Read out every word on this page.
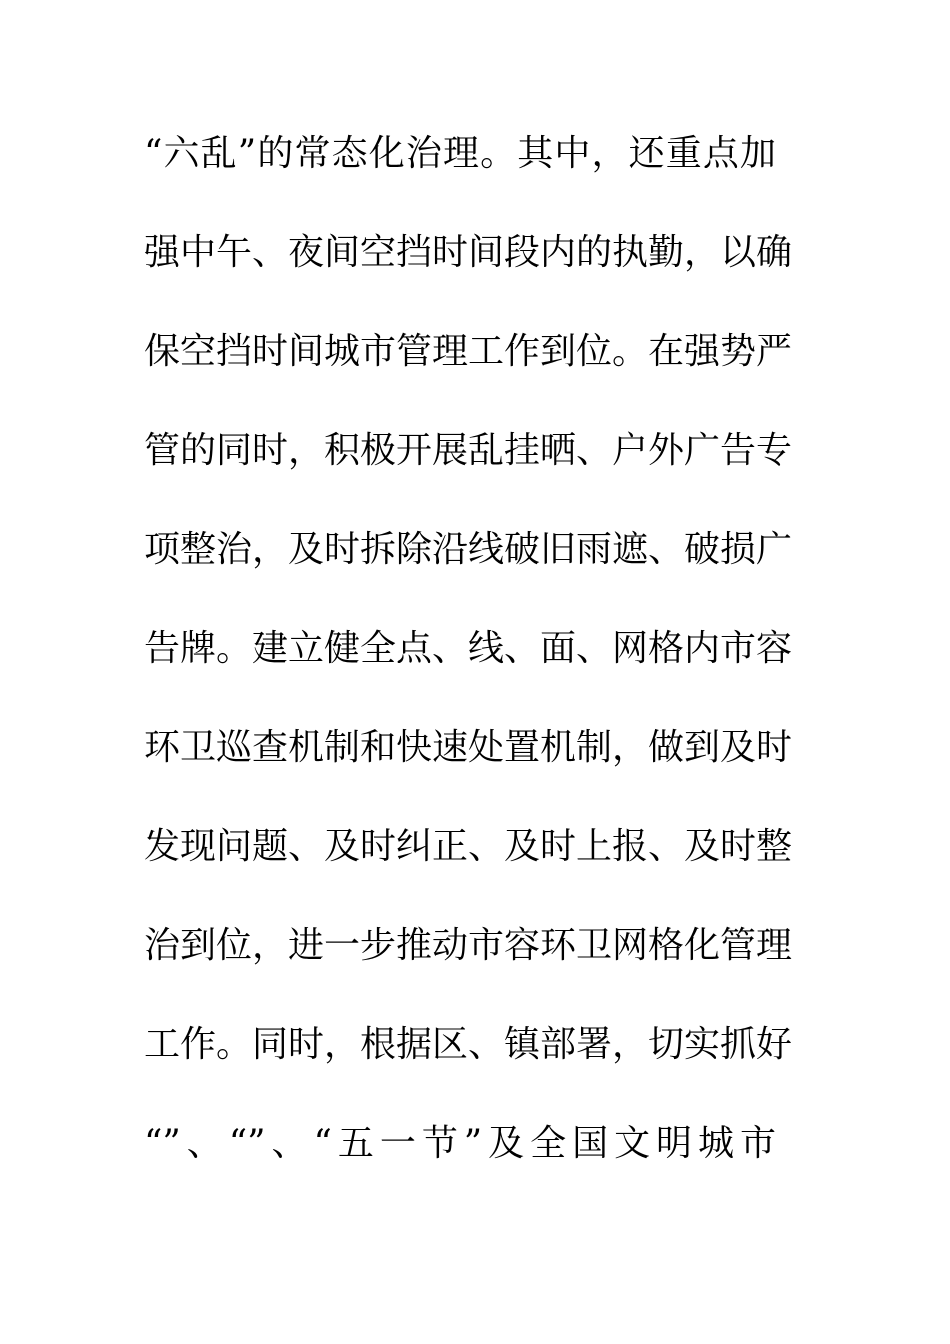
“六乱”的常态化治理。其中，还重点加
强中午、夜间空挡时间段内的执勤，以确
保空挡时间城市管理工作到位。在强势严
管的同时，积极开展乱挂晒、户外广告专
项整治，及时拆除沿线破旧雨遮、破损广
告牌。建立健全点、线、面、网格内市容
环卫巡查机制和快速处置机制，做到及时
发现问题、及时纠正、及时上报、及时整
治到位，进一步推动市容环卫网格化管理
工作。同时，根据区、镇部署，切实抓好
“”、“”、“五一节”及全国文明城市
